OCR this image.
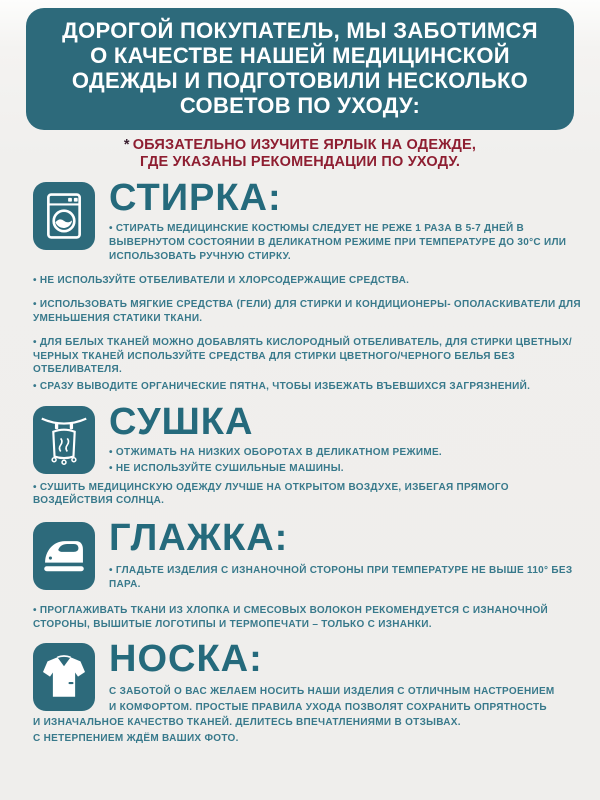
ДОРОГОЙ ПОКУПАТЕЛЬ, МЫ ЗАБОТИМСЯ
О КАЧЕСТВЕ НАШЕЙ МЕДИЦИНСКОЙ
ОДЕЖДЫ И ПОДГОТОВИЛИ НЕСКОЛЬКО
СОВЕТОВ ПО УХОДУ:
* ОБЯЗАТЕЛЬНО ИЗУЧИТЕ ЯРЛЫК НА ОДЕЖДЕ,
ГДЕ УКАЗАНЫ РЕКОМЕНДАЦИИ ПО УХОДУ.
СТИРКА:
• СТИРАТЬ МЕДИЦИНСКИЕ КОСТЮМЫ СЛЕДУЕТ НЕ РЕЖЕ 1 РАЗА В 5-7 ДНЕЙ В ВЫВЕРНУТОМ СОСТОЯНИИ В ДЕЛИКАТНОМ РЕЖИМЕ ПРИ ТЕМПЕРАТУРЕ ДО 30°С ИЛИ ИСПОЛЬЗОВАТЬ РУЧНУЮ СТИРКУ.
• НЕ ИСПОЛЬЗУЙТЕ ОТБЕЛИВАТЕЛИ И ХЛОРСОДЕРЖАЩИЕ СРЕДСТВА.
• ИСПОЛЬЗОВАТЬ МЯГКИЕ СРЕДСТВА (ГЕЛИ) ДЛЯ СТИРКИ И КОНДИЦИОНЕРЫ- ОПОЛАСКИВАТЕЛИ ДЛЯ УМЕНЬШЕНИЯ СТАТИКИ ТКАНИ.
• ДЛЯ БЕЛЫХ ТКАНЕЙ МОЖНО ДОБАВЛЯТЬ КИСЛОРОДНЫЙ ОТБЕЛИВАТЕЛЬ, ДЛЯ СТИРКИ ЦВЕТНЫХ/ЧЕРНЫХ ТКАНЕЙ ИСПОЛЬЗУЙТЕ СРЕДСТВА ДЛЯ СТИРКИ ЦВЕТНОГО/ЧЕРНОГО БЕЛЬЯ БЕЗ ОТБЕЛИВАТЕЛЯ.
• СРАЗУ ВЫВОДИТЕ ОРГАНИЧЕСКИЕ ПЯТНА, ЧТОБЫ ИЗБЕЖАТЬ ВЪЕВШИХСЯ ЗАГРЯЗНЕНИЙ.
СУШКА
• ОТЖИМАТЬ НА НИЗКИХ ОБОРОТАХ В ДЕЛИКАТНОМ РЕЖИМЕ.
• НЕ ИСПОЛЬЗУЙТЕ СУШИЛЬНЫЕ МАШИНЫ.
• СУШИТЬ МЕДИЦИНСКУЮ ОДЕЖДУ ЛУЧШЕ НА ОТКРЫТОМ ВОЗДУХЕ, ИЗБЕГАЯ ПРЯМОГО ВОЗДЕЙСТВИЯ СОЛНЦА.
ГЛАЖКА:
• ГЛАДЬТЕ ИЗДЕЛИЯ С ИЗНАНОЧНОЙ СТОРОНЫ ПРИ ТЕМПЕРАТУРЕ НЕ ВЫШЕ 110° БЕЗ ПАРА.
• ПРОГЛАЖИВАТЬ ТКАНИ ИЗ ХЛОПКА И СМЕСОВЫХ ВОЛОКОН РЕКОМЕНДУЕТСЯ С ИЗНАНОЧНОЙ СТОРОНЫ, ВЫШИТЫЕ ЛОГОТИПЫ И ТЕРМОПЕЧАТИ – ТОЛЬКО С ИЗНАНКИ.
НОСКА:
С ЗАБОТОЙ О ВАС ЖЕЛАЕМ НОСИТЬ НАШИ ИЗДЕЛИЯ С ОТЛИЧНЫМ НАСТРОЕНИЕМ
И КОМФОРТОМ. ПРОСТЫЕ ПРАВИЛА УХОДА ПОЗВОЛЯТ СОХРАНИТЬ ОПРЯТНОСТЬ
И ИЗНАЧАЛЬНОЕ КАЧЕСТВО ТКАНЕЙ. ДЕЛИТЕСЬ ВПЕЧАТЛЕНИЯМИ В ОТЗЫВАХ.
С НЕТЕРПЕНИЕМ ЖДЁМ ВАШИХ ФОТО.
